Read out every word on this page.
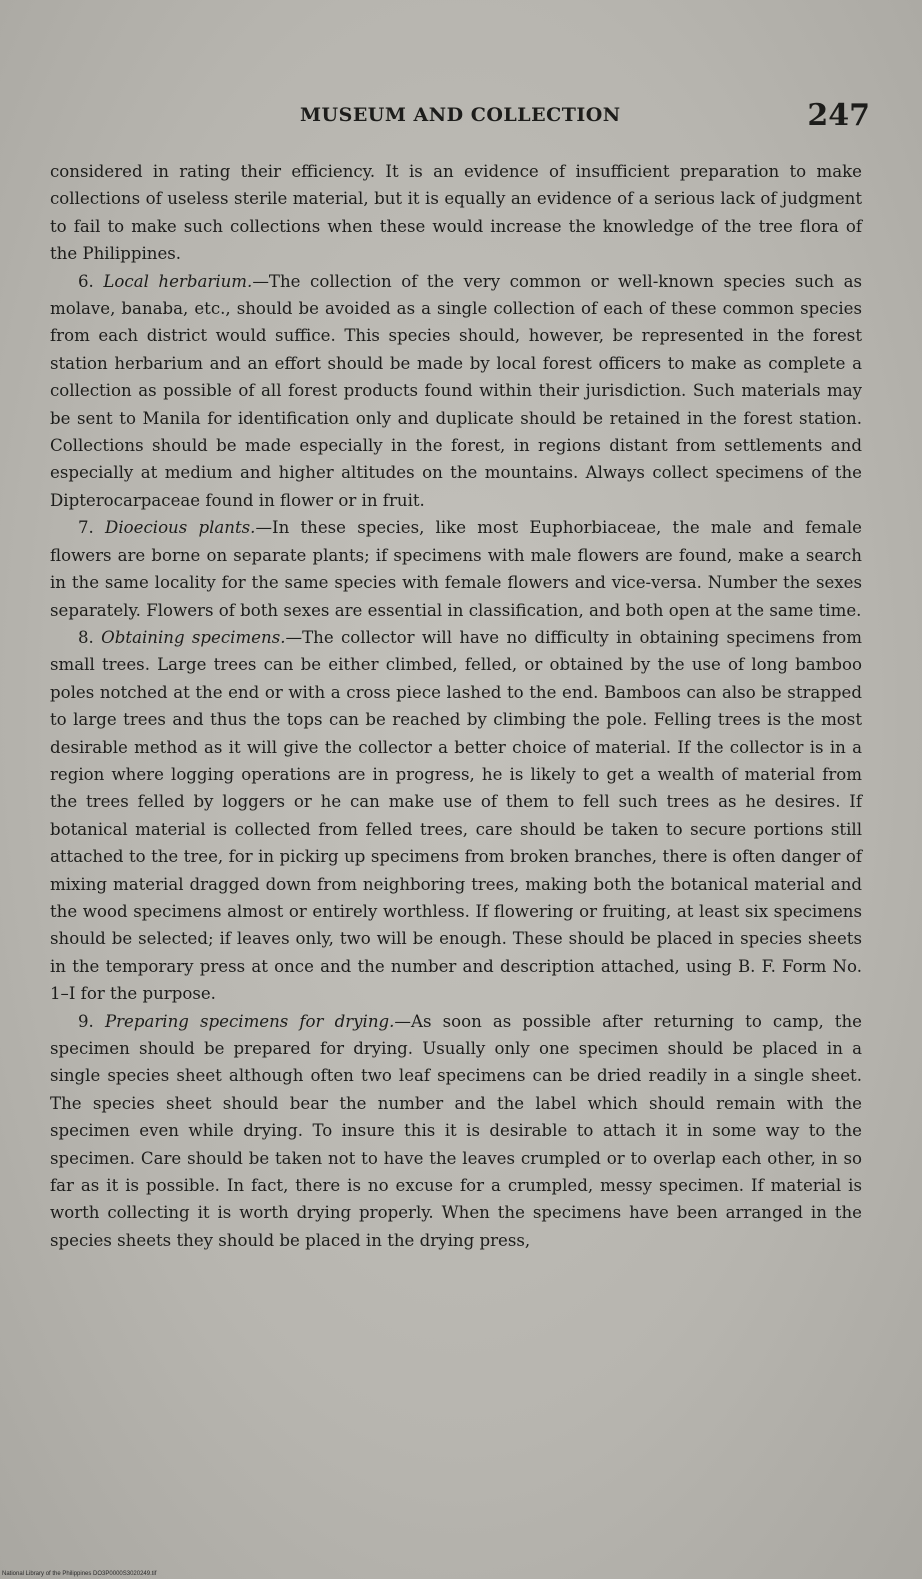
MUSEUM AND COLLECTION	247

considered in rating their efficiency. It is an evidence of insufficient preparation to make collections of useless sterile material, but it is equally an evidence of a serious lack of judgment to fail to make such collections when these would increase the knowledge of the tree flora of the Philippines.

6. Local herbarium.—The collection of the very common or well-known species such as molave, banaba, etc., should be avoided as a single collection of each of these common species from each district would suffice. This species should, however, be represented in the forest station herbarium and an effort should be made by local forest officers to make as complete a collection as possible of all forest products found within their jurisdiction. Such materials may be sent to Manila for identification only and duplicate should be retained in the forest station. Collections should be made especially in the forest, in regions distant from settlements and especially at medium and higher altitudes on the mountains. Always collect specimens of the Dipterocarpaceae found in flower or in fruit.

7. Dioecious plants.—In these species, like most Euphorbiaceae, the male and female flowers are borne on separate plants; if specimens with male flowers are found, make a search in the same locality for the same species with female flowers and vice-versa. Number the sexes separately. Flowers of both sexes are essential in classification, and both open at the same time.

8. Obtaining specimens.—The collector will have no difficulty in obtaining specimens from small trees. Large trees can be either climbed, felled, or obtained by the use of long bamboo poles notched at the end or with a cross piece lashed to the end. Bamboos can also be strapped to large trees and thus the tops can be reached by climbing the pole. Felling trees is the most desirable method as it will give the collector a better choice of material. If the collector is in a region where logging operations are in progress, he is likely to get a wealth of material from the trees felled by loggers or he can make use of them to fell such trees as he desires. If botanical material is collected from felled trees, care should be taken to secure portions still attached to the tree, for in pickirg up specimens from broken branches, there is often danger of mixing material dragged down from neighboring trees, making both the botanical material and the wood specimens almost or entirely worthless. If flowering or fruiting, at least six specimens should be selected; if leaves only, two will be enough. These should be placed in species sheets in the temporary press at once and the number and description attached, using B. F. Form No. 1–I for the purpose.

9. Preparing specimens for drying.—As soon as possible after returning to camp, the specimen should be prepared for drying. Usually only one specimen should be placed in a single species sheet although often two leaf specimens can be dried readily in a single sheet. The species sheet should bear the number and the label which should remain with the specimen even while drying. To insure this it is desirable to attach it in some way to the specimen. Care should be taken not to have the leaves crumpled or to overlap each other, in so far as it is possible. In fact, there is no excuse for a crumpled, messy specimen. If material is worth collecting it is worth drying properly. When the specimens have been arranged in the species sheets they should be placed in the drying press,

National Library of the Philippines DO3P0000S3020249.tif
